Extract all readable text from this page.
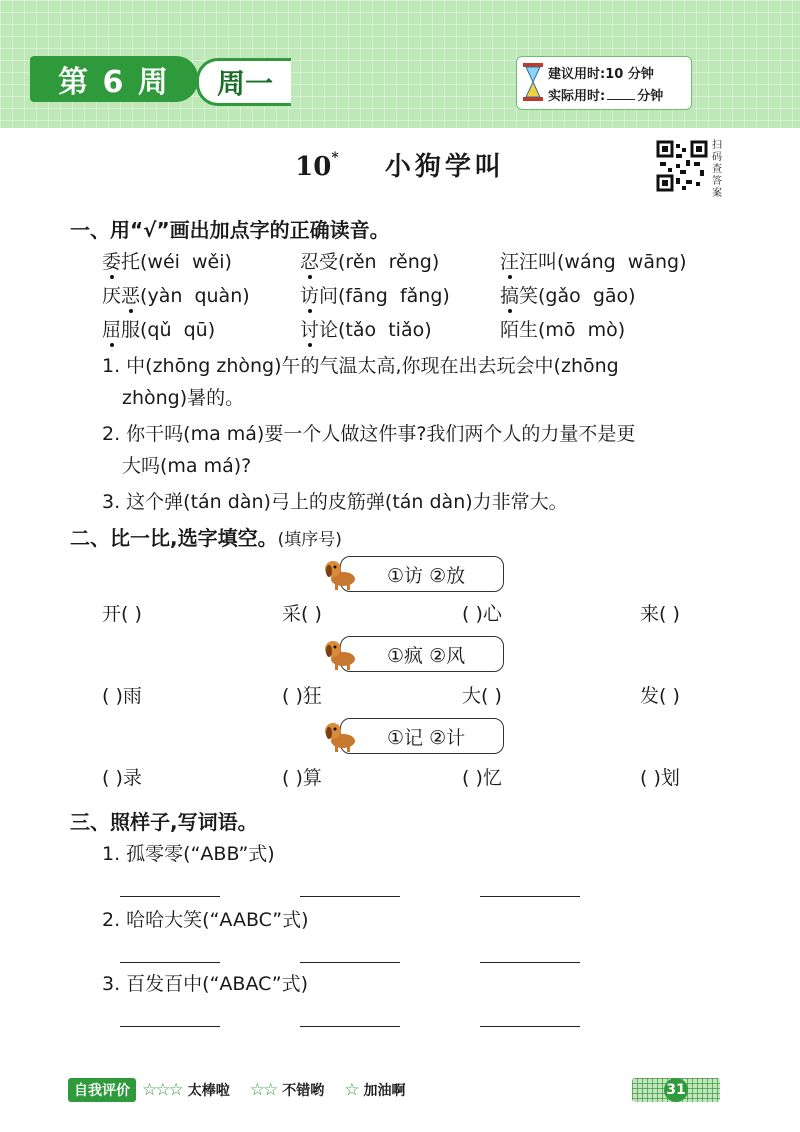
第 6 周	周一	建议用时:10 分钟
实际用时: 分钟
10* 小狗学叫
扫码查答案
一、用“√”画出加点字的正确读音。
委托(wéi  wěi)	忍受(rěn  rěng)	汪汪叫(wáng  wāng)
厌恶(yàn  quàn)	访问(fāng  fǎng)	搞笑(gǎo  gāo)
屈服(qǔ  qū)	讨论(tǎo  tiǎo)	陌生(mō  mò)
1. 中(zhōng zhòng)午的气温太高,你现在出去玩会中(zhōng
zhòng)暑的。
2. 你干吗(ma má)要一个人做这件事?我们两个人的力量不是更
大吗(ma má)?
3. 这个弹(tán dàn)弓上的皮筋弹(tán dàn)力非常大。
二、比一比,选字填空。(填序号)
①访 ②放
开( )	采( )	( )心	来( )
①疯 ②风
( )雨	( )狂	大( )	发( )
①记 ②计
( )录	( )算	( )忆	( )划
三、照样子,写词语。
1. 孤零零(“ABB”式)
2. 哈哈大笑(“AABC”式)
3. 百发百中(“ABAC”式)
自我评价 ☆☆☆ 太棒啦 ☆☆ 不错哟 ☆ 加油啊	31
